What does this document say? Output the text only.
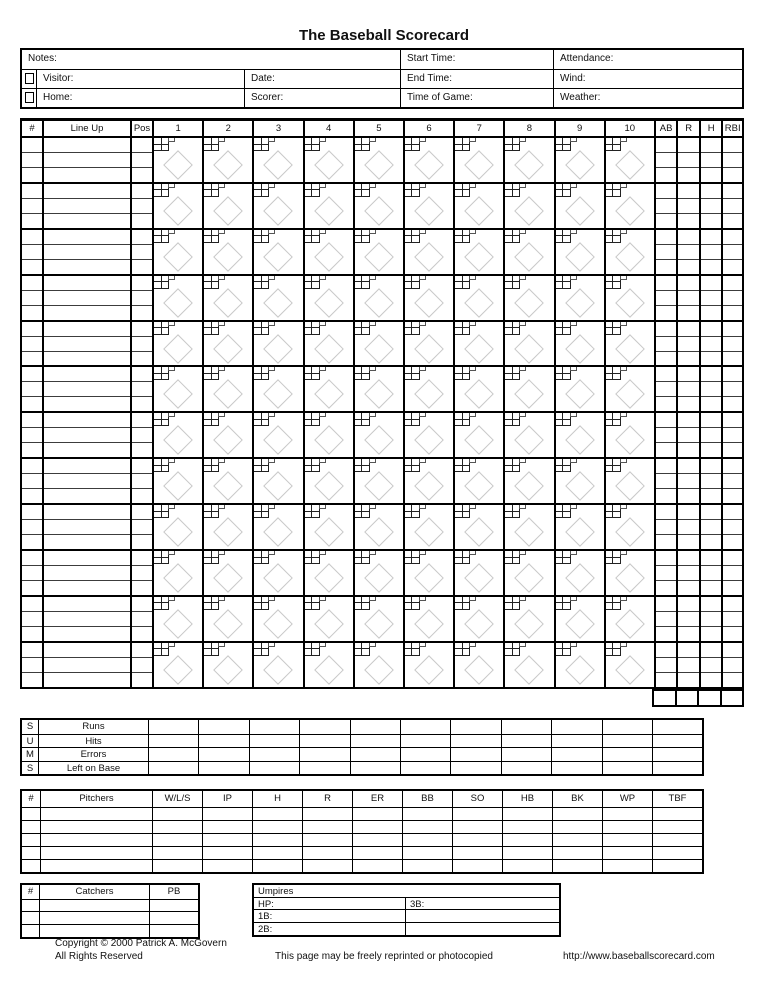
The Baseball Scorecard
Notes:	Start Time:	Attendance:
Visitor:	Date:	End Time:	Wind:
Home:	Scorer:	Time of Game:	Weather:
#	Line Up	Pos	1	2	3	4	5	6	7	8	9	10	AB	R	H	RBI
S	Runs
U	Hits
M	Errors
S	Left on Base
#	Pitchers	W/L/S	IP	H	R	ER	BB	SO	HB	BK	WP	TBF
#	Catchers	PB	Umpires
HP:	3B:
1B:
2B:
Copyright © 2000 Patrick A. McGovern
All Rights Reserved	This page may be freely reprinted or photocopied	http://www.baseballscorecard.com
